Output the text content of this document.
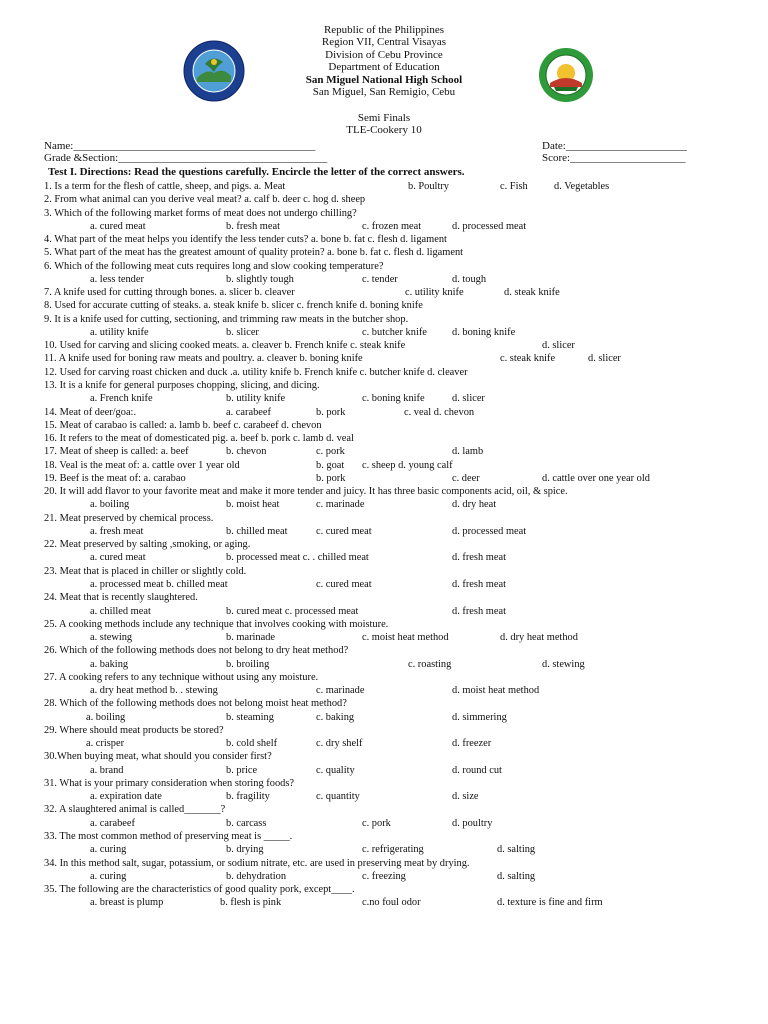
Republic of the Philippines
Region VII, Central Visayas
Division of Cebu Province
Department of Education
San Miguel National High School
San Miguel, San Remigio, Cebu
Semi Finals
TLE-Cookery 10
Name:____________________________________________	Date:______________________
Grade &Section:______________________________________	Score:_____________________
Test I. Directions: Read the questions carefully. Encircle the letter of the correct answers.
1. Is a term for the flesh of cattle, sheep, and pigs. a. Meat	b. Poultry	c. Fish	d. Vegetables
2. From what animal can you derive veal meat? a. calf b. deer c. hog d. sheep
3. Which of the following market forms of meat does not undergo chilling?
a. cured meat	b. fresh meat	c. frozen meat	d. processed meat
4. What part of the meat helps you identify the less tender cuts? a. bone b. fat c. flesh d. ligament
5. What part of the meat has the greatest amount of quality protein? a. bone b. fat c. flesh d. ligament
6. Which of the following meat cuts requires long and slow cooking temperature?
a. less tender	b. slightly tough	c. tender	d. tough
7. A knife used for cutting through bones. a. slicer b. cleaver	c. utility knife	d. steak knife
8. Used for accurate cutting of steaks. a. steak knife b. slicer c. french knife d. boning knife
9. It is a knife used for cutting, sectioning, and trimming raw meats in the butcher shop.
a. utility knife	b. slicer	c. butcher knife d. boning knife
10. Used for carving and slicing cooked meats. a. cleaver b. French knife c. steak knife	d. slicer
11. A knife used for boning raw meats and poultry. a. cleaver b. boning knife	c. steak knife	d. slicer
12. Used for carving roast chicken and duck .a. utility knife b. French knife c. butcher knife d. cleaver
13. It is a knife for general purposes chopping, slicing, and dicing.
a. French knife	b. utility knife	c. boning knife	d. slicer
14. Meat of deer/goa:.	a. carabeef	b. pork	c. veal d. chevon
15. Meat of carabao is called: a. lamb b. beef c. carabeef d. chevon
16. It refers to the meat of domesticated pig. a. beef b. pork c. lamb d. veal
17. Meat of sheep is called: a. beef	b. chevon	c. pork	d. lamb
18. Veal is the meat of: a. cattle over 1 year old	b. goat c. sheep d. young calf
19. Beef is the meat of: a. carabao	b. pork	c. deer	d. cattle over one year old
20. It will add flavor to your favorite meat and make it more tender and juicy. It has three basic components acid, oil, & spice.
a. boiling	b. moist heat	c. marinade	d. dry heat
21. Meat preserved by chemical process.
a. fresh meat	b. chilled meat	c. cured meat	d. processed meat
22. Meat preserved by salting ,smoking, or aging.
a. cured meat	b. processed meat c. . chilled meat	d. fresh meat
23. Meat that is placed in chiller or slightly cold.
a. processed meat b. chilled meat	c. cured meat	d. fresh meat
24. Meat that is recently slaughtered.
a. chilled meat	b. cured meat c. processed meat	d. fresh meat
25. A cooking methods include any technique that involves cooking with moisture.
a. stewing	b. marinade	c. moist heat method	d. dry heat method
26. Which of the following methods does not belong to dry heat method?
a. baking	b. broiling	c. roasting	d. stewing
27. A cooking refers to any technique without using any moisture.
a. dry heat method b. . stewing	c. marinade	d. moist heat method
28. Which of the following methods does not belong moist heat method?
a. boiling	b. steaming	c. baking	d. simmering
29. Where should meat products be stored?
a. crisper	b. cold shelf	c. dry shelf	d. freezer
30.When buying meat, what should you consider first?
a. brand	b. price	c. quality	d. round cut
31. What is your primary consideration when storing foods?
a. expiration date	b. fragility	c. quantity	d. size
32. A slaughtered animal is called_______?
a. carabeef	b. carcass	c. pork	d. poultry
33. The most common method of preserving meat is _____.
a. curing	b. drying	c. refrigerating	d. salting
34. In this method salt, sugar, potassium, or sodium nitrate, etc. are used in preserving meat by drying.
a. curing	b. dehydration	c. freezing	d. salting
35. The following are the characteristics of good quality pork, except____.
a. breast is plump	b. flesh is pink	c.no foul odor	d. texture is fine and firm
